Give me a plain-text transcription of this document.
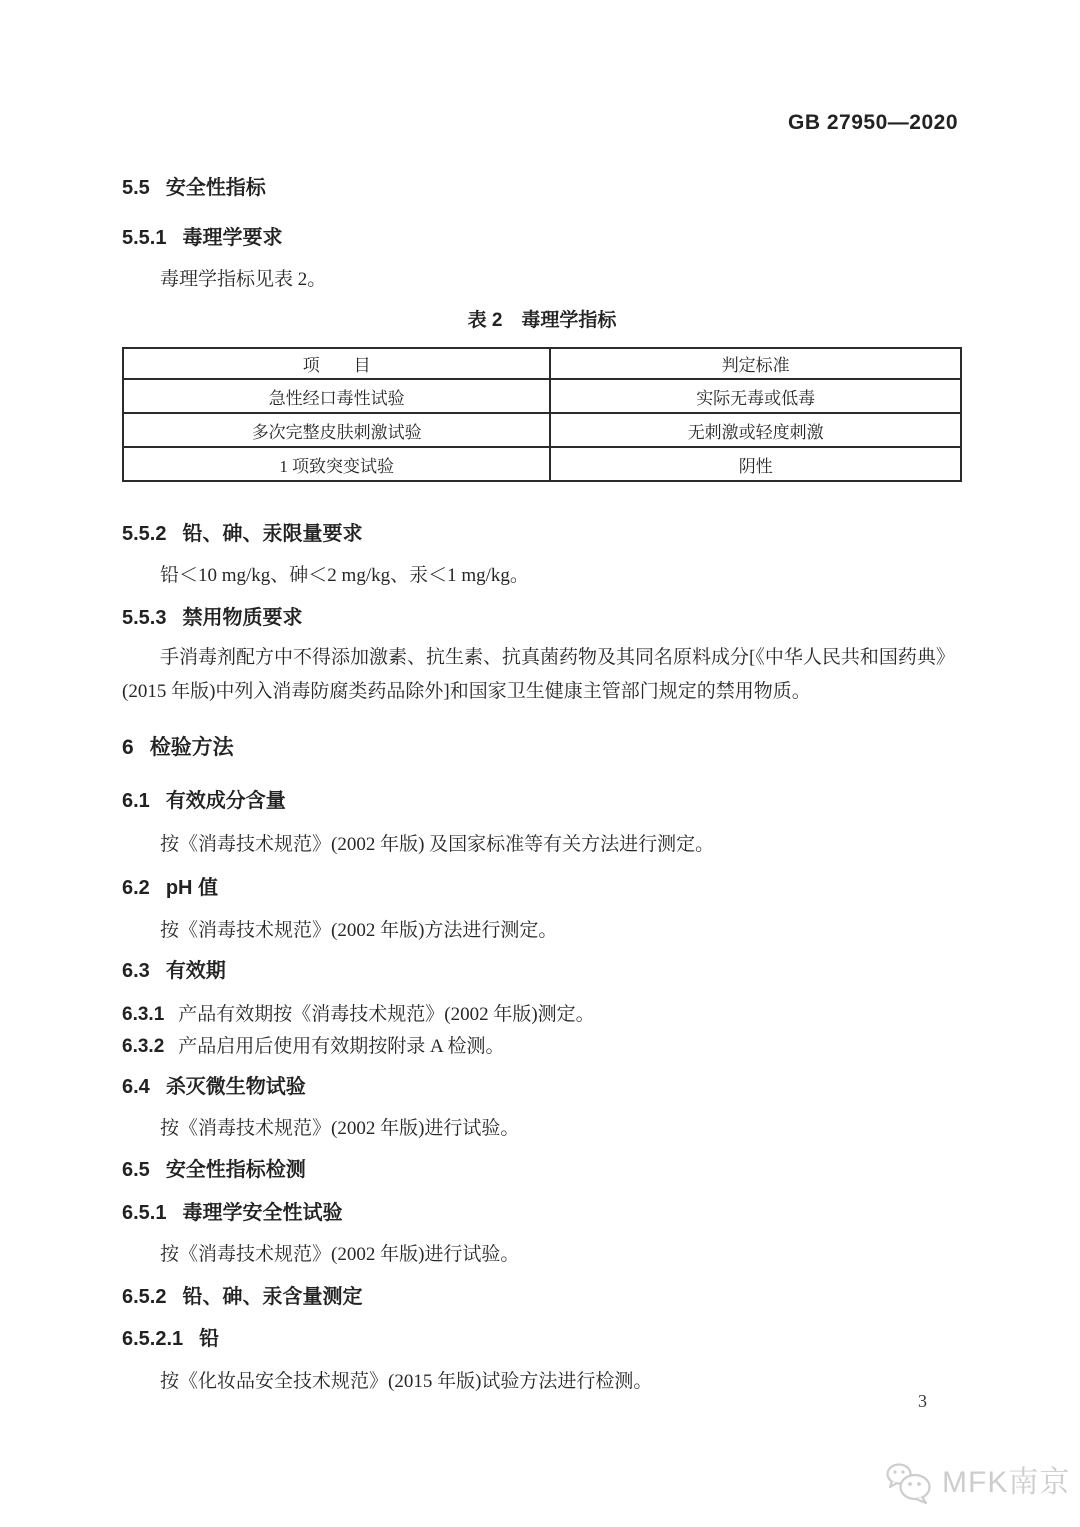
GB 27950—2020
5.5 安全性指标
5.5.1 毒理学要求

毒理学指标见表 2。

表 2　毒理学指标
项　　目	判定标准
急性经口毒性试验	实际无毒或低毒
多次完整皮肤刺激试验	无刺激或轻度刺激
1 项致突变试验	阴性
5.5.2 铅、砷、汞限量要求

铅＜10 mg/kg、砷＜2 mg/kg、汞＜1 mg/kg。

5.5.3 禁用物质要求
手消毒剂配方中不得添加激素、抗生素、抗真菌药物及其同名原料成分[《中华人民共和国药典》
(2015 年版)中列入消毒防腐类药品除外]和国家卫生健康主管部门规定的禁用物质。
6 检验方法
6.1 有效成分含量

按《消毒技术规范》(2002 年版) 及国家标准等有关方法进行测定。

6.2 pH 值

按《消毒技术规范》(2002 年版)方法进行测定。

6.3 有效期
6.3.1 产品有效期按《消毒技术规范》(2002 年版)测定。
6.3.2 产品启用后使用有效期按附录 A 检测。
6.4 杀灭微生物试验

按《消毒技术规范》(2002 年版)进行试验。

6.5 安全性指标检测
6.5.1 毒理学安全性试验

按《消毒技术规范》(2002 年版)进行试验。

6.5.2 铅、砷、汞含量测定
6.5.2.1 铅

按《化妆品安全技术规范》(2015 年版)试验方法进行检测。

3
MFK南京
